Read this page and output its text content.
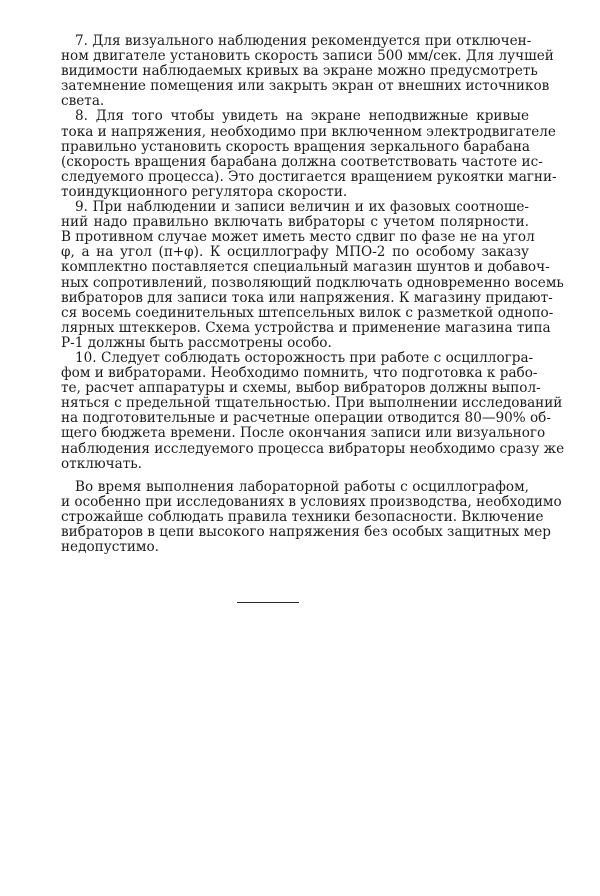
7. Для визуального наблюдения рекомендуется при отключен-
ном двигателе установить скорость записи 500 мм/сек. Для лучшей
видимости наблюдаемых кривых ва экране можно предусмотреть
затемнение помещения или закрыть экран от внешних источников
света.
8. Для того чтобы увидеть на экране неподвижные кривые
тока и напряжения, необходимо при включенном электродвигателе
правильно установить скорость вращения зеркального барабана
(скорость вращения барабана должна соответствовать частоте ис-
следуемого процесса). Это достигается вращением рукоятки магни-
тоиндукционного регулятора скорости.
9. При наблюдении и записи величин и их фазовых соотноше-
ний надо правильно включать вибраторы с учетом полярности.
В противном случае может иметь место сдвиг по фазе не на угол
φ, а на угол (π+φ). К осциллографу МПО-2 по особому заказу
комплектно поставляется специальный магазин шунтов и добавоч-
ных сопротивлений, позволяющий подключать одновременно восемь
вибраторов для записи тока или напряжения. К магазину придают-
ся восемь соединительных штепсельных вилок с разметкой однопо-
лярных штеккеров. Схема устройства и применение магазина типа
Р-1 должны быть рассмотрены особо.
10. Следует соблюдать осторожность при работе с осциллогра-
фом и вибраторами. Необходимо помнить, что подготовка к рабо-
те, расчет аппаратуры и схемы, выбор вибраторов должны выпол-
няться с предельной тщательностью. При выполнении исследований
на подготовительные и расчетные операции отводится 80—90% об-
щего бюджета времени. После окончания записи или визуального
наблюдения исследуемого процесса вибраторы необходимо сразу же
отключать.
Во время выполнения лабораторной работы с осциллографом,
и особенно при исследованиях в условиях производства, необходимо
строжайше соблюдать правила техники безопасности. Включение
вибраторов в цепи высокого напряжения без особых защитных мер
недопустимо.
